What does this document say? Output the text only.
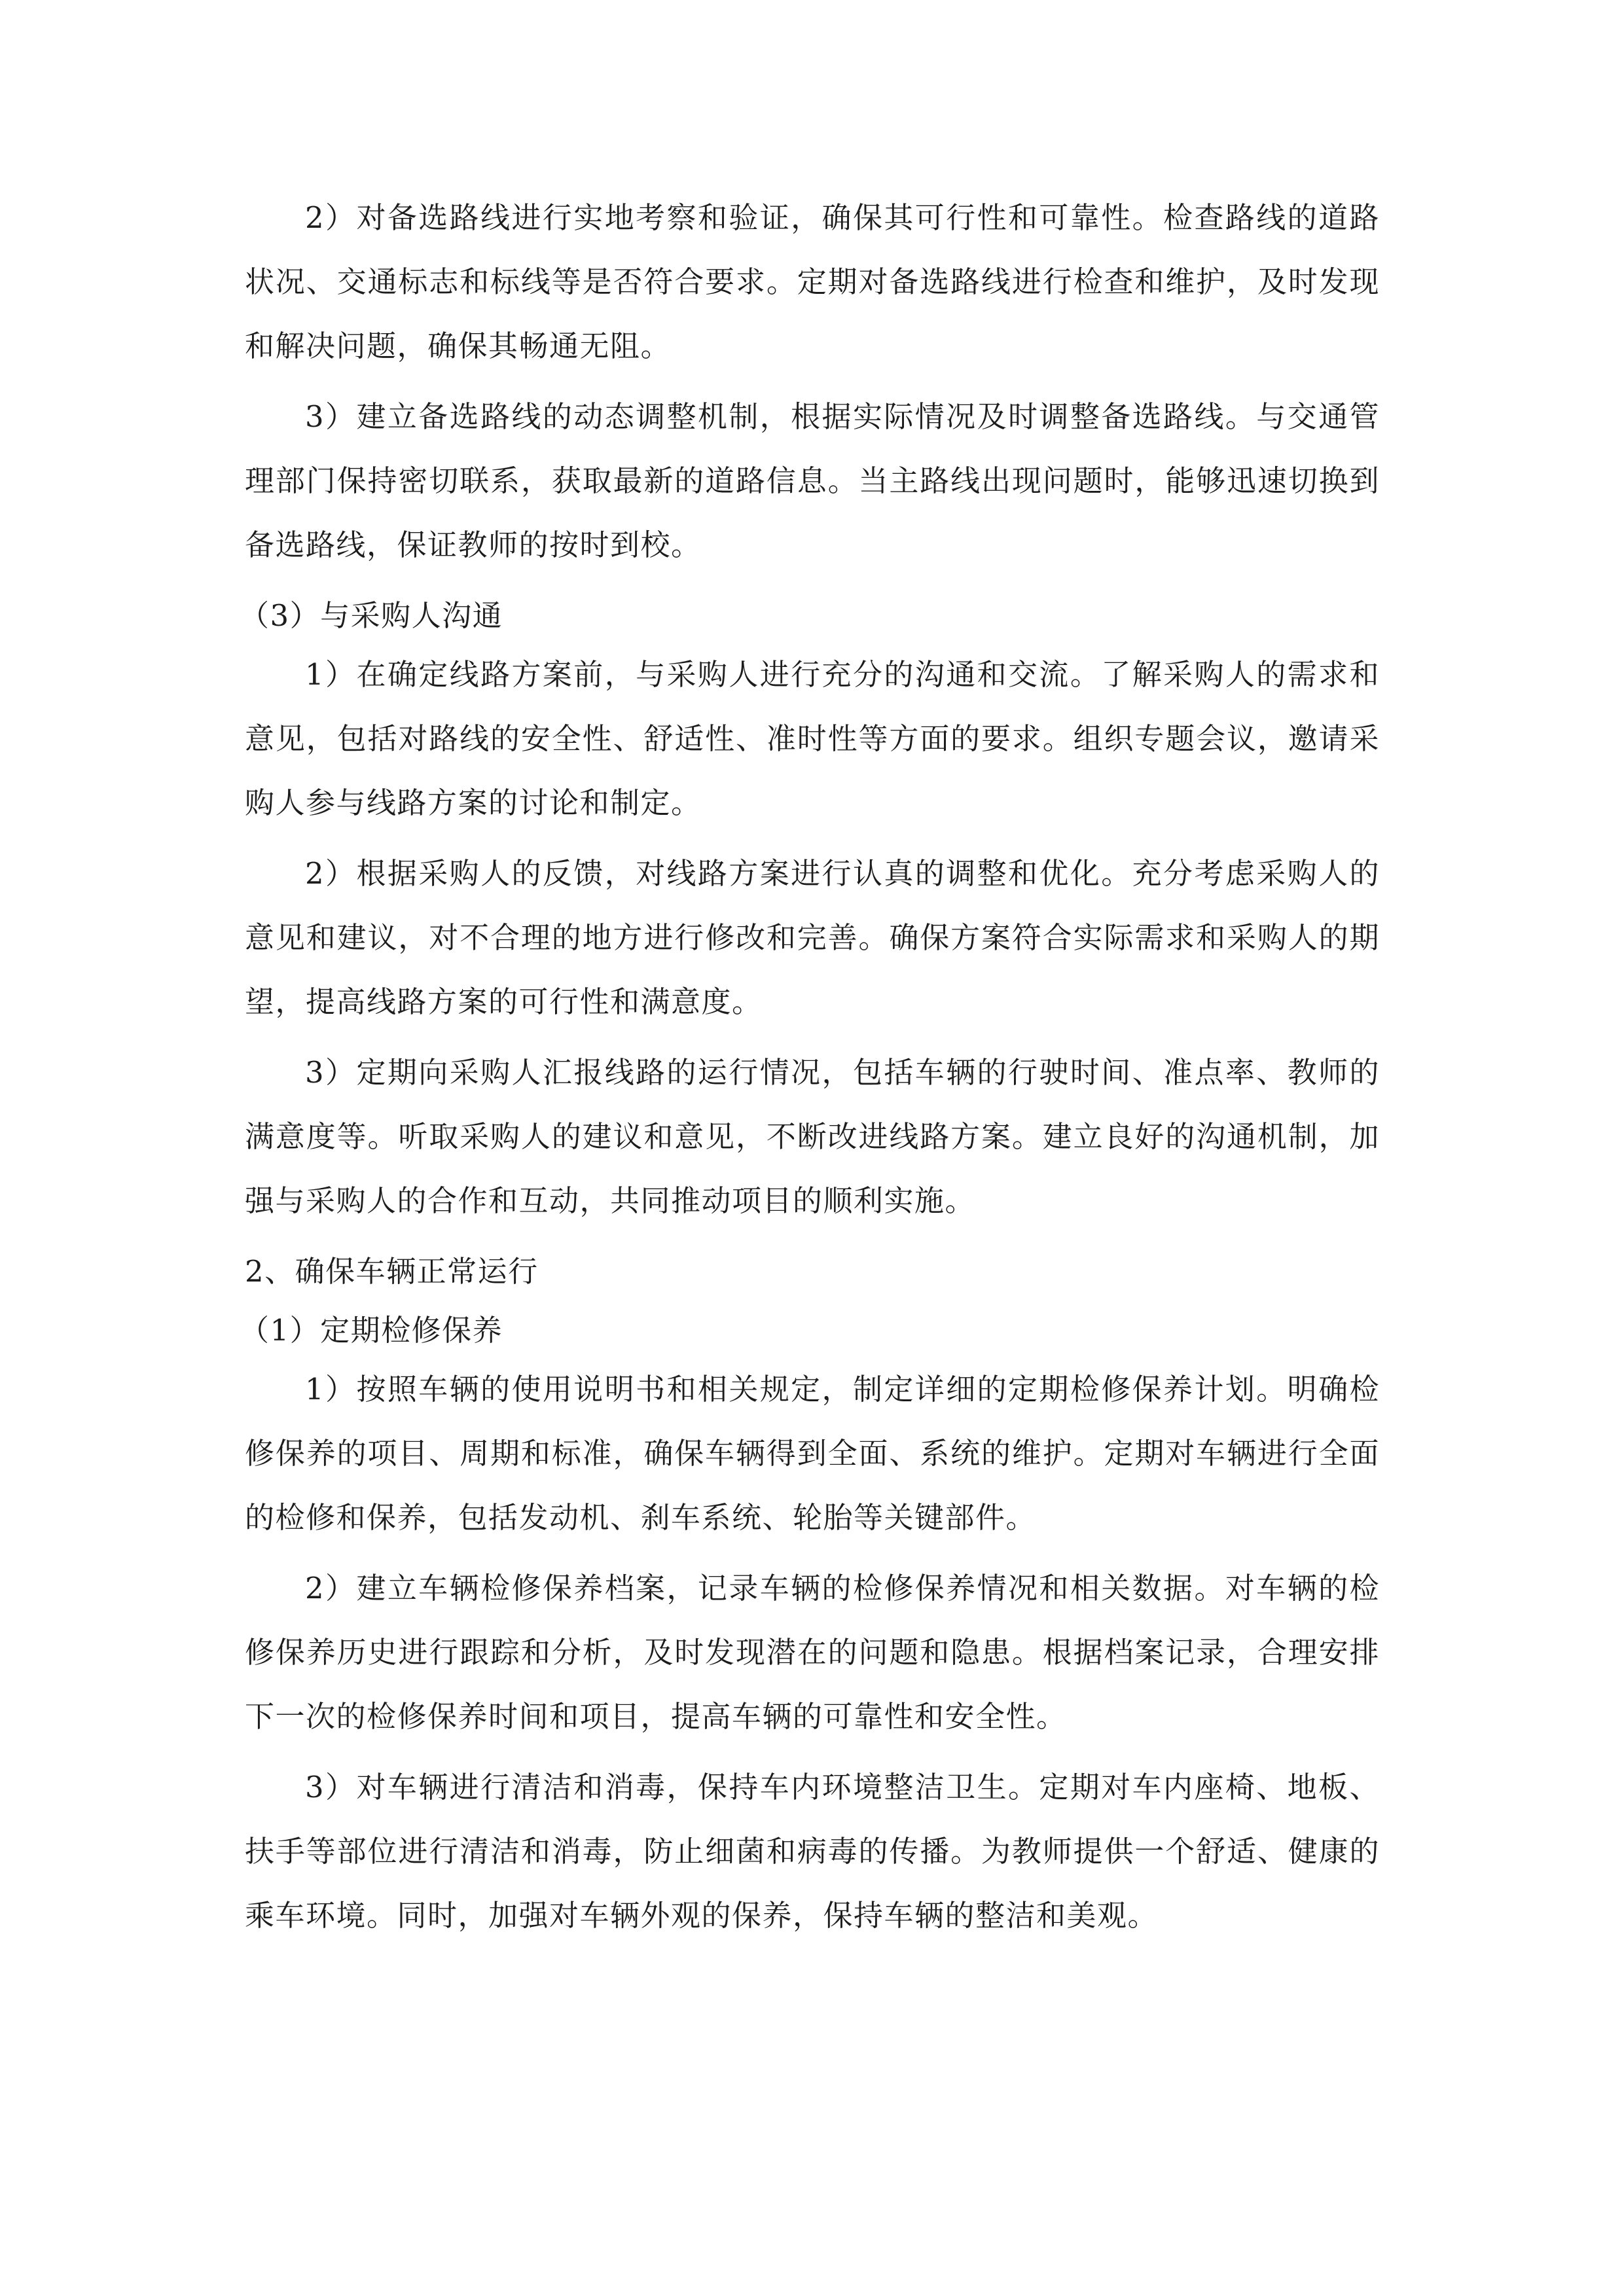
2）对备选路线进行实地考察和验证，确保其可行性和可靠性。检查路线的道路状况、交通标志和标线等是否符合要求。定期对备选路线进行检查和维护，及时发现和解决问题，确保其畅通无阻。

3）建立备选路线的动态调整机制，根据实际情况及时调整备选路线。与交通管理部门保持密切联系，获取最新的道路信息。当主路线出现问题时，能够迅速切换到备选路线，保证教师的按时到校。

（3）与采购人沟通

1）在确定线路方案前，与采购人进行充分的沟通和交流。了解采购人的需求和意见，包括对路线的安全性、舒适性、准时性等方面的要求。组织专题会议，邀请采购人参与线路方案的讨论和制定。

2）根据采购人的反馈，对线路方案进行认真的调整和优化。充分考虑采购人的意见和建议，对不合理的地方进行修改和完善。确保方案符合实际需求和采购人的期望，提高线路方案的可行性和满意度。

3）定期向采购人汇报线路的运行情况，包括车辆的行驶时间、准点率、教师的满意度等。听取采购人的建议和意见，不断改进线路方案。建立良好的沟通机制，加强与采购人的合作和互动，共同推动项目的顺利实施。

2、确保车辆正常运行

（1）定期检修保养

1）按照车辆的使用说明书和相关规定，制定详细的定期检修保养计划。明确检修保养的项目、周期和标准，确保车辆得到全面、系统的维护。定期对车辆进行全面的检修和保养，包括发动机、刹车系统、轮胎等关键部件。

2）建立车辆检修保养档案，记录车辆的检修保养情况和相关数据。对车辆的检修保养历史进行跟踪和分析，及时发现潜在的问题和隐患。根据档案记录，合理安排下一次的检修保养时间和项目，提高车辆的可靠性和安全性。

3）对车辆进行清洁和消毒，保持车内环境整洁卫生。定期对车内座椅、地板、扶手等部位进行清洁和消毒，防止细菌和病毒的传播。为教师提供一个舒适、健康的乘车环境。同时，加强对车辆外观的保养，保持车辆的整洁和美观。
